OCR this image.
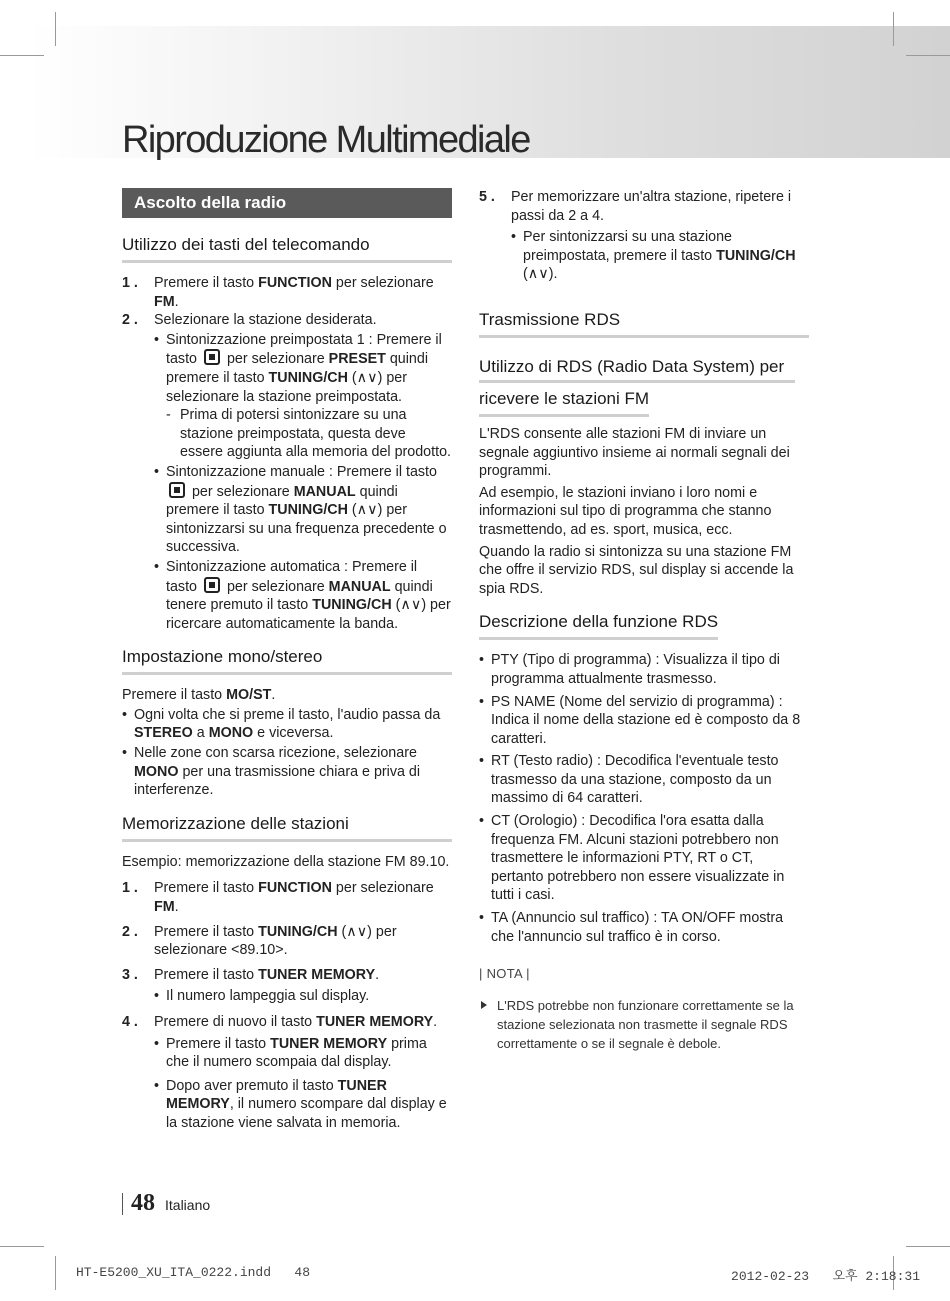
Riproduzione Multimediale
Ascolto della radio
Utilizzo dei tasti del telecomando
1 .	Premere il tasto FUNCTION per selezionare FM.
2 .	Selezionare la stazione desiderata.
• Sintonizzazione preimpostata 1 : Premere il tasto  per selezionare PRESET quindi premere il tasto TUNING/CH (∧∨) per selezionare la stazione preimpostata.
- Prima di potersi sintonizzare su una stazione preimpostata, questa deve essere aggiunta alla memoria del prodotto.
• Sintonizzazione manuale : Premere il tasto  per selezionare MANUAL quindi premere il tasto TUNING/CH (∧∨) per sintonizzarsi su una frequenza precedente o successiva.
• Sintonizzazione automatica : Premere il tasto  per selezionare MANUAL quindi tenere premuto il tasto TUNING/CH (∧∨) per ricercare automaticamente la banda.
Impostazione mono/stereo

Premere il tasto MO/ST.

• Ogni volta che si preme il tasto, l'audio passa da STEREO a MONO e viceversa.
• Nelle zone con scarsa ricezione, selezionare MONO per una trasmissione chiara e priva di interferenze.
Memorizzazione delle stazioni

Esempio: memorizzazione della stazione FM 89.10.

1 .	Premere il tasto FUNCTION per selezionare FM.
2 .	Premere il tasto TUNING/CH (∧∨) per selezionare <89.10>.
3 .	Premere il tasto TUNER MEMORY.
• Il numero lampeggia sul display.
4 .	Premere di nuovo il tasto TUNER MEMORY.
• Premere il tasto TUNER MEMORY prima che il numero scompaia dal display.
• Dopo aver premuto il tasto TUNER MEMORY, il numero scompare dal display e la stazione viene salvata in memoria.
5 .	Per memorizzare un'altra stazione, ripetere i passi da 2 a 4.
• Per sintonizzarsi su una stazione preimpostata, premere il tasto TUNING/CH (∧∨).
Trasmissione RDS
Utilizzo di RDS (Radio Data System) per
ricevere le stazioni FM

L'RDS consente alle stazioni FM di inviare un segnale aggiuntivo insieme ai normali segnali dei programmi.

Ad esempio, le stazioni inviano i loro nomi e informazioni sul tipo di programma che stanno trasmettendo, ad es. sport, musica, ecc.

Quando la radio si sintonizza su una stazione FM che offre il servizio RDS, sul display si accende la spia RDS.

Descrizione della funzione RDS
• PTY (Tipo di programma) : Visualizza il tipo di programma attualmente trasmesso.
• PS NAME (Nome del servizio di programma) : Indica il nome della stazione ed è composto da 8 caratteri.
• RT (Testo radio) : Decodifica l'eventuale testo trasmesso da una stazione, composto da un massimo di 64 caratteri.
• CT (Orologio) : Decodifica l'ora esatta dalla frequenza FM. Alcuni stazioni potrebbero non trasmettere le informazioni PTY, RT o CT, pertanto potrebbero non essere visualizzate in tutti i casi.
• TA (Annuncio sul traffico) : TA ON/OFF mostra che l'annuncio sul traffico è in corso.
| NOTA |
L'RDS potrebbe non funzionare correttamente se la stazione selezionata non trasmette il segnale RDS correttamente o se il segnale è debole.
48 Italiano
HT-E5200_XU_ITA_0222.indd   48	2012-02-23   오후 2:18:31
